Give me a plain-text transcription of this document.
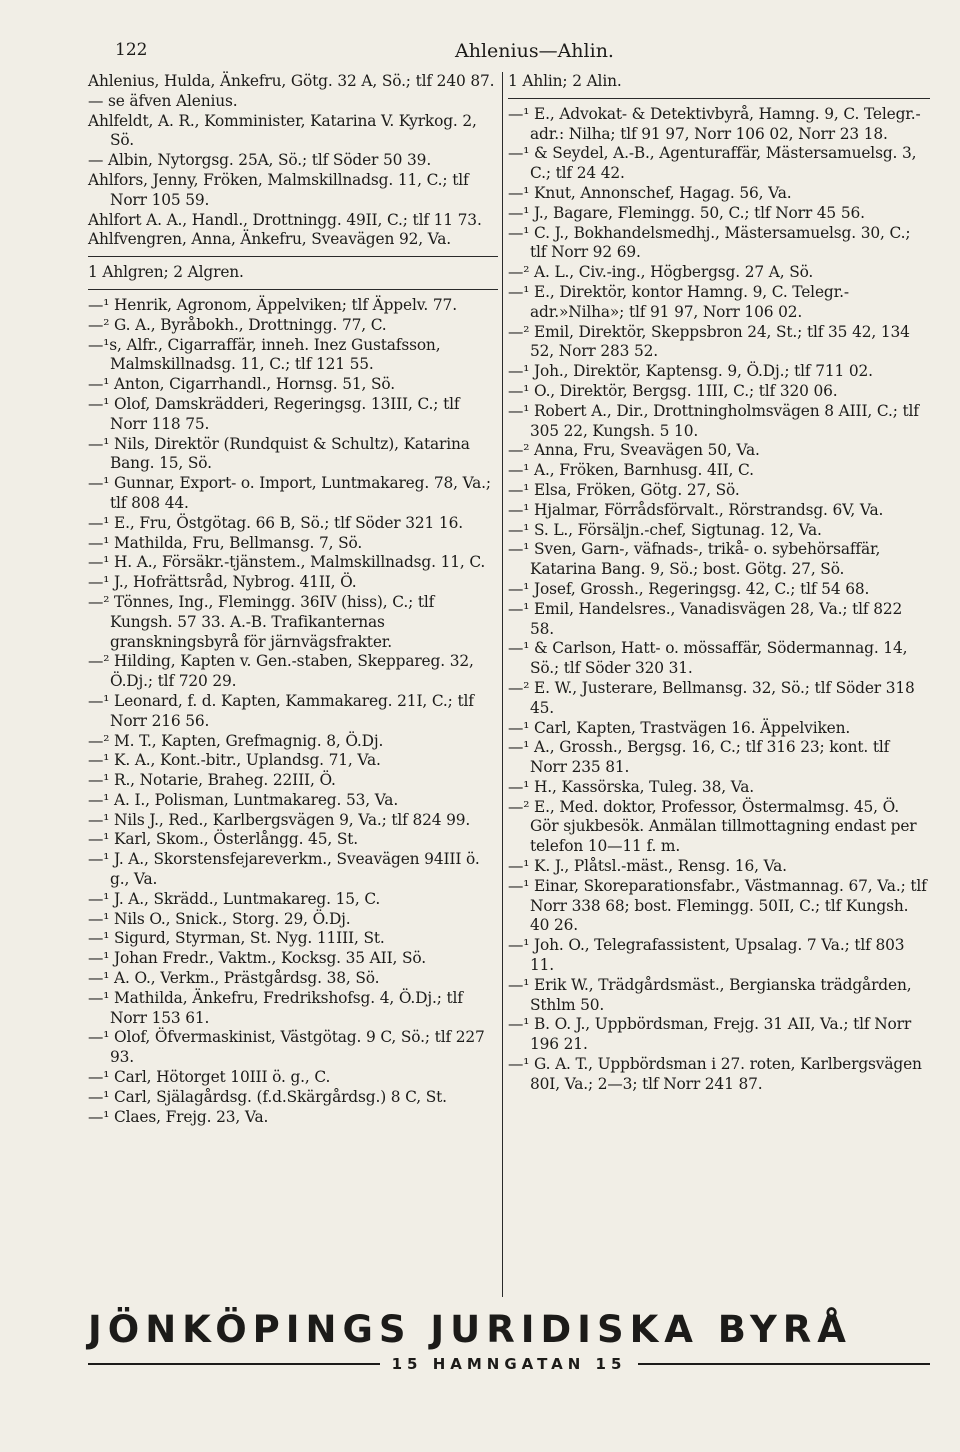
122	Ahlenius—Ahlin.

Ahlenius, Hulda, Änkefru, Götg. 32 A, Sö.; tlf 240 87.

— se äfven Alenius.

Ahlfeldt, A. R., Komminister, Katarina V. Kyrkog. 2, Sö.

— Albin, Nytorgsg. 25A, Sö.; tlf Söder 50 39.

Ahlfors, Jenny, Fröken, Malmskillnadsg. 11, C.; tlf Norr 105 59.

Ahlfort A. A., Handl., Drottningg. 49II, C.; tlf 11 73.

Ahlfvengren, Anna, Änkefru, Sveavägen 92, Va.

1 Ahlgren; 2 Algren.

—¹ Henrik, Agronom, Äppelviken; tlf Äppelv. 77.

—² G. A., Byråbokh., Drottningg. 77, C.

—¹s, Alfr., Cigarraffär, inneh. Inez Gustafsson, Malmskillnadsg. 11, C.; tlf 121 55.

—¹ Anton, Cigarrhandl., Hornsg. 51, Sö.

—¹ Olof, Damskrädderi, Regeringsg. 13III, C.; tlf Norr 118 75.

—¹ Nils, Direktör (Rundquist & Schultz), Katarina Bang. 15, Sö.

—¹ Gunnar, Export- o. Import, Luntmakareg. 78, Va.; tlf 808 44.

—¹ E., Fru, Östgötag. 66 B, Sö.; tlf Söder 321 16.

—¹ Mathilda, Fru, Bellmansg. 7, Sö.

—¹ H. A., Försäkr.-tjänstem., Malmskillnadsg. 11, C.

—¹ J., Hofrättsråd, Nybrog. 41II, Ö.

—² Tönnes, Ing., Flemingg. 36IV (hiss), C.; tlf Kungsh. 57 33. A.-B. Trafikanternas granskningsbyrå för järnvägsfrakter.

—² Hilding, Kapten v. Gen.-staben, Skeppareg. 32, Ö.Dj.; tlf 720 29.

—¹ Leonard, f. d. Kapten, Kammakareg. 21I, C.; tlf Norr 216 56.

—² M. T., Kapten, Grefmagnig. 8, Ö.Dj.

—¹ K. A., Kont.-bitr., Uplandsg. 71, Va.

—¹ R., Notarie, Braheg. 22III, Ö.

—¹ A. I., Polisman, Luntmakareg. 53, Va.

—¹ Nils J., Red., Karlbergsvägen 9, Va.; tlf 824 99.

—¹ Karl, Skom., Österlångg. 45, St.

—¹ J. A., Skorstensfejareverkm., Sveavägen 94III ö. g., Va.

—¹ J. A., Skrädd., Luntmakareg. 15, C.

—¹ Nils O., Snick., Storg. 29, Ö.Dj.

—¹ Sigurd, Styrman, St. Nyg. 11III, St.

—¹ Johan Fredr., Vaktm., Kocksg. 35 AII, Sö.

—¹ A. O., Verkm., Prästgårdsg. 38, Sö.

—¹ Mathilda, Änkefru, Fredrikshofsg. 4, Ö.Dj.; tlf Norr 153 61.

—¹ Olof, Öfvermaskinist, Västgötag. 9 C, Sö.; tlf 227 93.

—¹ Carl, Hötorget 10III ö. g., C.

—¹ Carl, Själagårdsg. (f.d.Skärgårdsg.) 8 C, St.

—¹ Claes, Frejg. 23, Va.

1 Ahlin; 2 Alin.

—¹ E., Advokat- & Detektivbyrå, Hamng. 9, C. Telegr.-adr.: Nilha; tlf 91 97, Norr 106 02, Norr 23 18.

—¹ & Seydel, A.-B., Agenturaffär, Mästersamuelsg. 3, C.; tlf 24 42.

—¹ Knut, Annonschef, Hagag. 56, Va.

—¹ J., Bagare, Flemingg. 50, C.; tlf Norr 45 56.

—¹ C. J., Bokhandelsmedhj., Mästersamuelsg. 30, C.; tlf Norr 92 69.

—² A. L., Civ.-ing., Högbergsg. 27 A, Sö.

—¹ E., Direktör, kontor Hamng. 9, C. Telegr.-adr.»Nilha»; tlf 91 97, Norr 106 02.

—² Emil, Direktör, Skeppsbron 24, St.; tlf 35 42, 134 52, Norr 283 52.

—¹ Joh., Direktör, Kaptensg. 9, Ö.Dj.; tlf 711 02.

—¹ O., Direktör, Bergsg. 1III, C.; tlf 320 06.

—¹ Robert A., Dir., Drottningholmsvägen 8 AIII, C.; tlf 305 22, Kungsh. 5 10.

—² Anna, Fru, Sveavägen 50, Va.

—¹ A., Fröken, Barnhusg. 4II, C.

—¹ Elsa, Fröken, Götg. 27, Sö.

—¹ Hjalmar, Förrådsförvalt., Rörstrandsg. 6V, Va.

—¹ S. L., Försäljn.-chef, Sigtunag. 12, Va.

—¹ Sven, Garn-, väfnads-, trikå- o. sybehörsaffär, Katarina Bang. 9, Sö.; bost. Götg. 27, Sö.

—¹ Josef, Grossh., Regeringsg. 42, C.; tlf 54 68.

—¹ Emil, Handelsres., Vanadisvägen 28, Va.; tlf 822 58.

—¹ & Carlson, Hatt- o. mössaffär, Södermannag. 14, Sö.; tlf Söder 320 31.

—² E. W., Justerare, Bellmansg. 32, Sö.; tlf Söder 318 45.

—¹ Carl, Kapten, Trastvägen 16. Äppelviken.

—¹ A., Grossh., Bergsg. 16, C.; tlf 316 23; kont. tlf Norr 235 81.

—¹ H., Kassörska, Tuleg. 38, Va.

—² E., Med. doktor, Professor, Östermalmsg. 45, Ö. Gör sjukbesök. Anmälan tillmottagning endast per telefon 10—11 f. m.

—¹ K. J., Plåtsl.-mäst., Rensg. 16, Va.

—¹ Einar, Skoreparationsfabr., Västmannag. 67, Va.; tlf Norr 338 68; bost. Flemingg. 50II, C.; tlf Kungsh. 40 26.

—¹ Joh. O., Telegrafassistent, Upsalag. 7 Va.; tlf 803 11.

—¹ Erik W., Trädgårdsmäst., Bergianska trädgården, Sthlm 50.

—¹ B. O. J., Uppbördsman, Frejg. 31 AII, Va.; tlf Norr 196 21.

—¹ G. A. T., Uppbördsman i 27. roten, Karlbergsvägen 80I, Va.; 2—3; tlf Norr 241 87.

JÖNKÖPINGS JURIDISKA BYRÅ
15 HAMNGATAN 15
